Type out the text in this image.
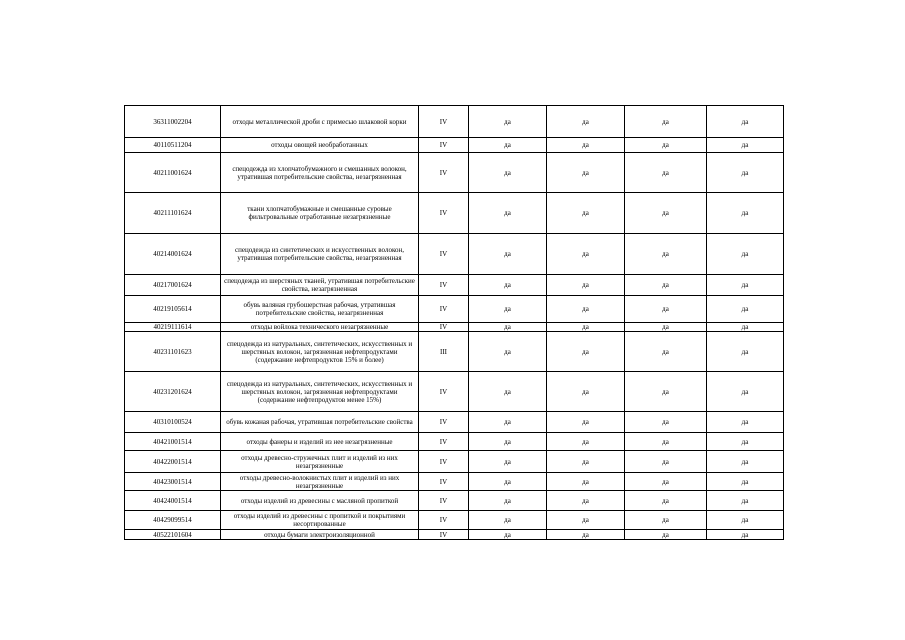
36311002204	отходы металлической дроби с примесью шлаковой корки	IV	да	да	да	да
40110511204	отходы овощей необработанных	IV	да	да	да	да
40211001624	спецодежда из хлопчатобумажного и смешанных волокон, утратившая потребительские свойства, незагрязненная	IV	да	да	да	да
40211101624	ткани хлопчатобумажные и смешанные суровые фильтровальные отработанные незагрязненные	IV	да	да	да	да
40214001624	спецодежда из синтетических и искусственных волокон, утратившая потребительские свойства, незагрязненная	IV	да	да	да	да
40217001624	спецодежда из шерстяных тканей, утратившая потребительские свойства, незагрязненная	IV	да	да	да	да
40219105614	обувь валяная грубошерстная рабочая, утратившая потребительские свойства, незагрязненная	IV	да	да	да	да
40219111614	отходы войлока технического незагрязненные	IV	да	да	да	да
40231101623	спецодежда из натуральных, синтетических, искусственных и шерстяных волокон, загрязненная нефтепродуктами (содержание нефтепродуктов 15% и более)	III	да	да	да	да
40231201624	спецодежда из натуральных, синтетических, искусственных и шерстяных волокон, загрязненная нефтепродуктами (содержание нефтепродуктов менее 15%)	IV	да	да	да	да
40310100524	обувь кожаная рабочая, утратившая потребительские свойства	IV	да	да	да	да
40421001514	отходы фанеры и изделий из нее незагрязненные	IV	да	да	да	да
40422001514	отходы древесно-стружечных плит и изделий из них незагрязненные	IV	да	да	да	да
40423001514	отходы древесно-волокнистых плит и изделий из них незагрязненные	IV	да	да	да	да
40424001514	отходы изделий из древесины с масляной пропиткой	IV	да	да	да	да
40429099514	отходы изделий из древесины с пропиткой и покрытиями несортированные	IV	да	да	да	да
40522101604	отходы бумаги электроизоляционной	IV	да	да	да	да
